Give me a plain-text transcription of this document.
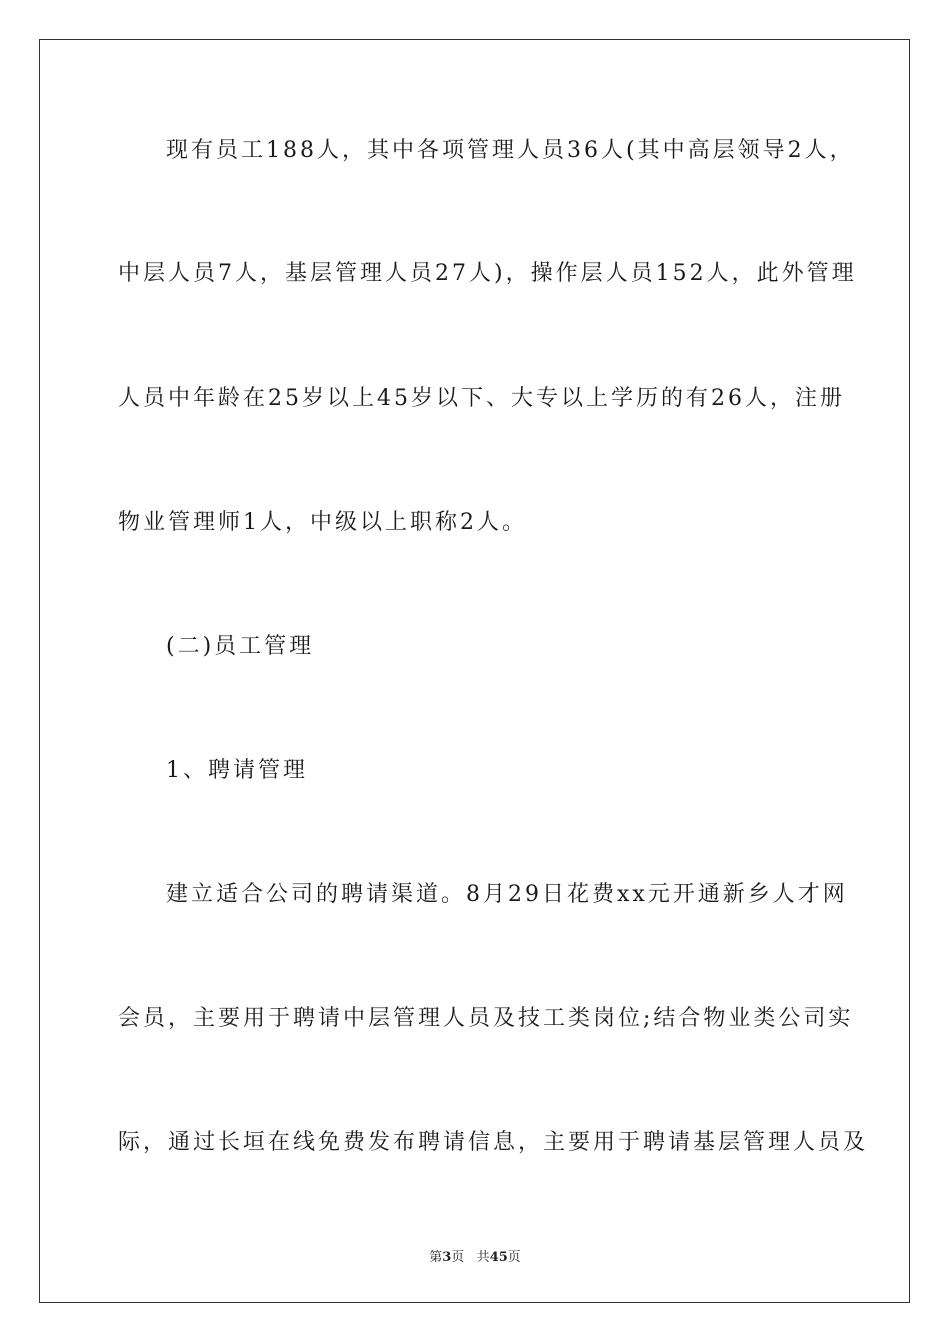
现有员工188人，其中各项管理人员36人(其中高层领导2人，
中层人员7人，基层管理人员27人)，操作层人员152人，此外管理
人员中年龄在25岁以上45岁以下、大专以上学历的有26人，注册
物业管理师1人，中级以上职称2人。
(二)员工管理
1、聘请管理
建立适合公司的聘请渠道。8月29日花费xx元开通新乡人才网
会员，主要用于聘请中层管理人员及技工类岗位;结合物业类公司实
际，通过长垣在线免费发布聘请信息，主要用于聘请基层管理人员及
第3页 共45页
